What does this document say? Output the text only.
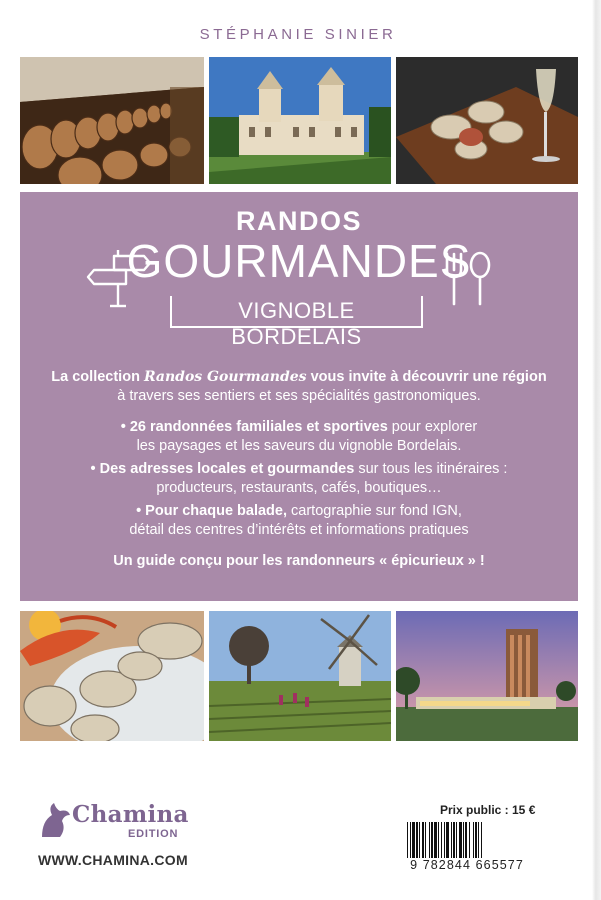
STÉPHANIE SINIER
RANDOS
GOURMANDES
VIGNOBLE BORDELAIS
La collection Randos Gourmandes vous invite à découvrir une région
à travers ses sentiers et ses spécialités gastronomiques.

• 26 randonnées familiales et sportives pour explorer
les paysages et les saveurs du vignoble Bordelais.

• Des adresses locales et gourmandes sur tous les itinéraires :
producteurs, restaurants, cafés, boutiques…

• Pour chaque balade, cartographie sur fond IGN,
détail des centres d’intérêts et informations pratiques

Un guide conçu pour les randonneurs « épicurieux » !
Chamina
EDITION
WWW.CHAMINA.COM
Prix public : 15 €
9 782844 665577
